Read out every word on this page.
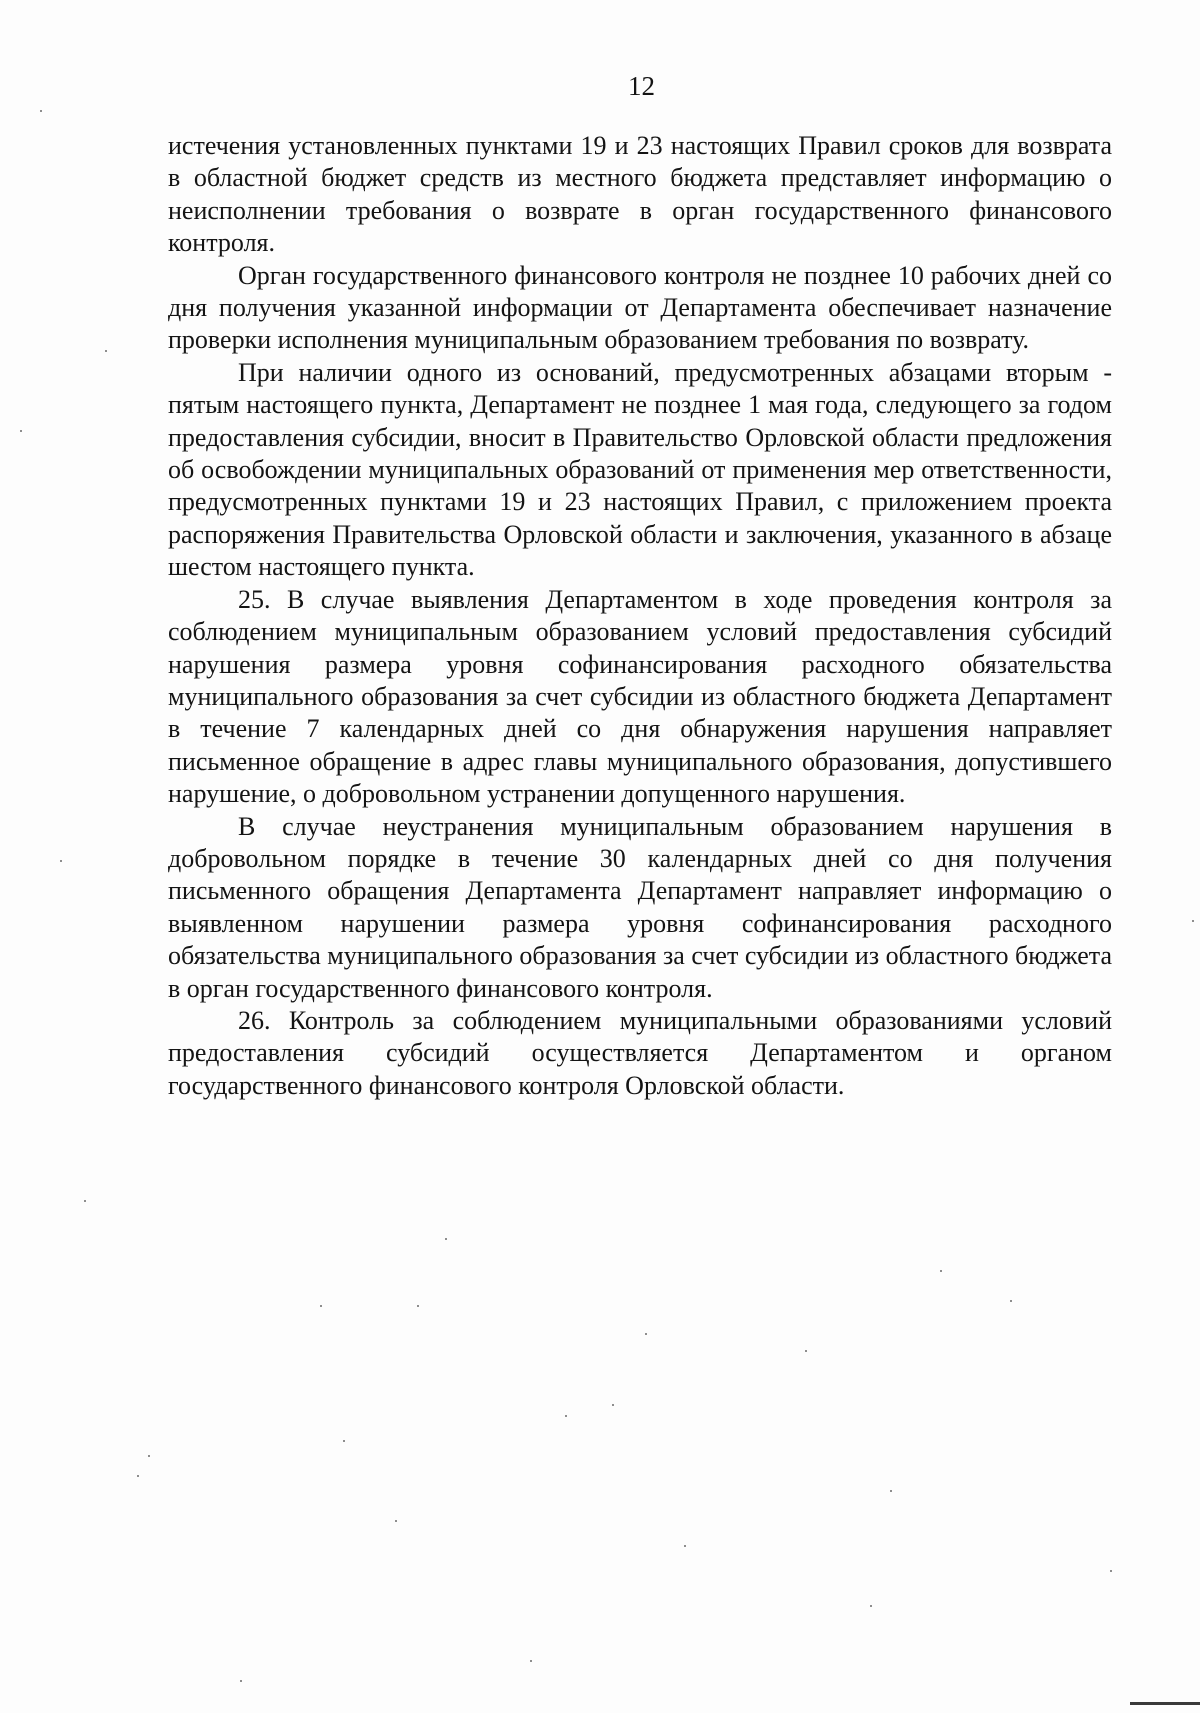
12

истечения установленных пунктами 19 и 23 настоящих Правил сроков для возврата в областной бюджет средств из местного бюджета представляет информацию о неисполнении требования о возврате в орган государственного финансового контроля.

Орган государственного финансового контроля не позднее 10 рабочих дней со дня получения указанной информации от Департамента обеспечивает назначение проверки исполнения муниципальным образованием требования по возврату.

При наличии одного из оснований, предусмотренных абзацами вторым - пятым настоящего пункта, Департамент не позднее 1 мая года, следующего за годом предоставления субсидии, вносит в Правительство Орловской области предложения об освобождении муниципальных образований от применения мер ответственности, предусмотренных пунктами 19 и 23 настоящих Правил, с приложением проекта распоряжения Правительства Орловской области и заключения, указанного в абзаце шестом настоящего пункта.

25. В случае выявления Департаментом в ходе проведения контроля за соблюдением муниципальным образованием условий предоставления субсидий нарушения размера уровня софинансирования расходного обязательства муниципального образования за счет субсидии из областного бюджета Департамент в течение 7 календарных дней со дня обнаружения нарушения направляет письменное обращение в адрес главы муниципального образования, допустившего нарушение, о добровольном устранении допущенного нарушения.

В случае неустранения муниципальным образованием нарушения в добровольном порядке в течение 30 календарных дней со дня получения письменного обращения Департамента Департамент направляет информацию о выявленном нарушении размера уровня софинансирования расходного обязательства муниципального образования за счет субсидии из областного бюджета в орган государственного финансового контроля.

26. Контроль за соблюдением муниципальными образованиями условий предоставления субсидий осуществляется Департаментом и органом государственного финансового контроля Орловской области.
